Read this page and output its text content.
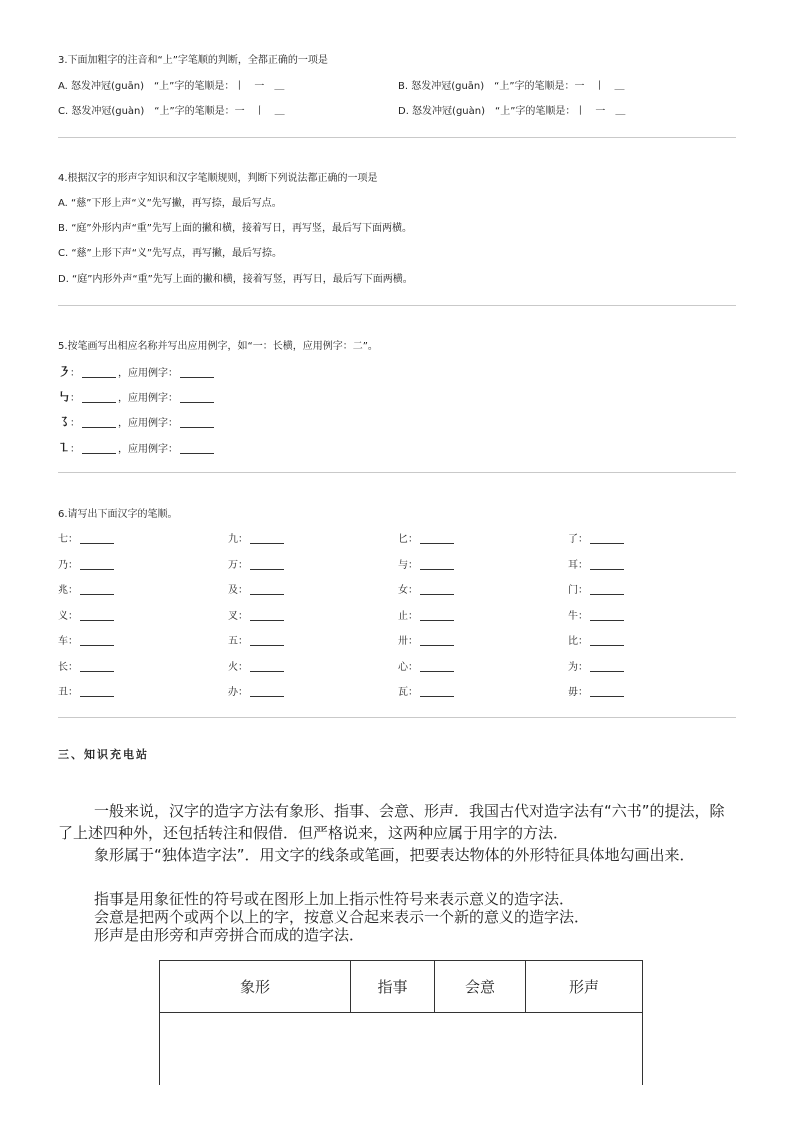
3.下面加粗字的注音和“上”字笔顺的判断，全都正确的一项是
A. 怒发冲冠(guān)　“上”字的笔顺是：丨　一　＿	B. 怒发冲冠(guān)　“上”字的笔顺是：一　丨　＿
C. 怒发冲冠(guàn)　“上”字的笔顺是：一　丨　＿	D. 怒发冲冠(guàn)　“上”字的笔顺是：丨　一　＿
4.根据汉字的形声字知识和汉字笔顺规则，判断下列说法都正确的一项是
A. “慈”下形上声“义”先写撇，再写捺，最后写点。
B. “庭”外形内声“重”先写上面的撇和横，接着写日，再写竖，最后写下面两横。
C. “慈”上形下声“义”先写点，再写撇，最后写捺。
D. “庭”内形外声“重”先写上面的撇和横，接着写竖，再写日，最后写下面两横。
5.按笔画写出相应名称并写出应用例字，如“一：长横，应用例字：二”。
㇋：	，应用例字：
㇉：	，应用例字：
㇌：	，应用例字：
㇅：	，应用例字：
6.请写出下面汉字的笔顺。
七：	九：	匕：	了：
乃：	万：	与：	耳：
兆：	及：	女：	门：
义：	叉：	止：	牛：
车：	五：	卅：	比：
长：	火：	心：	为：
丑：	办：	瓦：	毋：
三、知识充电站
一般来说，汉字的造字方法有象形、指事、会意、形声．我国古代对造字法有“六书”的提法，除了上述四种外，还包括转注和假借．但严格说来，这两种应属于用字的方法．
象形属于“独体造字法”．用文字的线条或笔画，把要表达物体的外形特征具体地勾画出来．
指事是用象征性的符号或在图形上加上指示性符号来表示意义的造字法．
会意是把两个或两个以上的字，按意义合起来表示一个新的意义的造字法．
形声是由形旁和声旁拼合而成的造字法．
象形	指事	会意	形声
